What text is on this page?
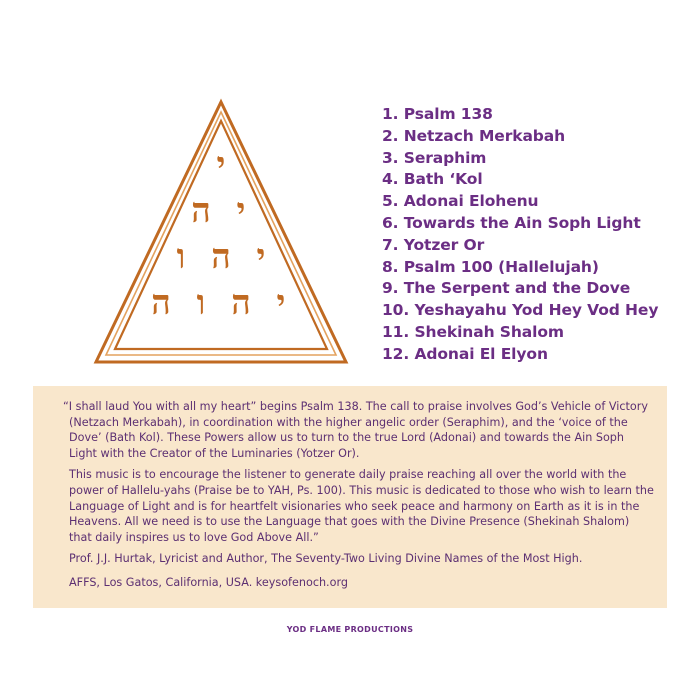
י
ה י
ו ה י
ה ו ה י
1. Psalm 138
2. Netzach Merkabah
3. Seraphim
4. Bath ‘Kol
5. Adonai Elohenu
6. Towards the Ain Soph Light
7. Yotzer Or
8. Psalm 100 (Hallelujah)
9. The Serpent and the Dove
10. Yeshayahu Yod Hey Vod Hey
11. Shekinah Shalom
12. Adonai El Elyon

“I shall laud You with all my heart” begins Psalm 138. The call to praise involves God’s Vehicle of Victory (Netzach Merkabah), in coordination with the higher angelic order (Seraphim), and the ‘voice of the Dove’ (Bath Kol). These Powers allow us to turn to the true Lord (Adonai) and towards the Ain Soph Light with the Creator of the Luminaries (Yotzer Or).

This music is to encourage the listener to generate daily praise reaching all over the world with the power of Hallelu-yahs (Praise be to YAH, Ps. 100). This music is dedicated to those who wish to learn the Language of Light and is for heartfelt visionaries who seek peace and harmony on Earth as it is in the Heavens. All we need is to use the Language that goes with the Divine Presence (Shekinah Shalom) that daily inspires us to love God Above All.”

Prof. J.J. Hurtak, Lyricist and Author, The Seventy-Two Living Divine Names of the Most High.

AFFS, Los Gatos, California, USA. keysofenoch.org

YOD FLAME PRODUCTIONS
